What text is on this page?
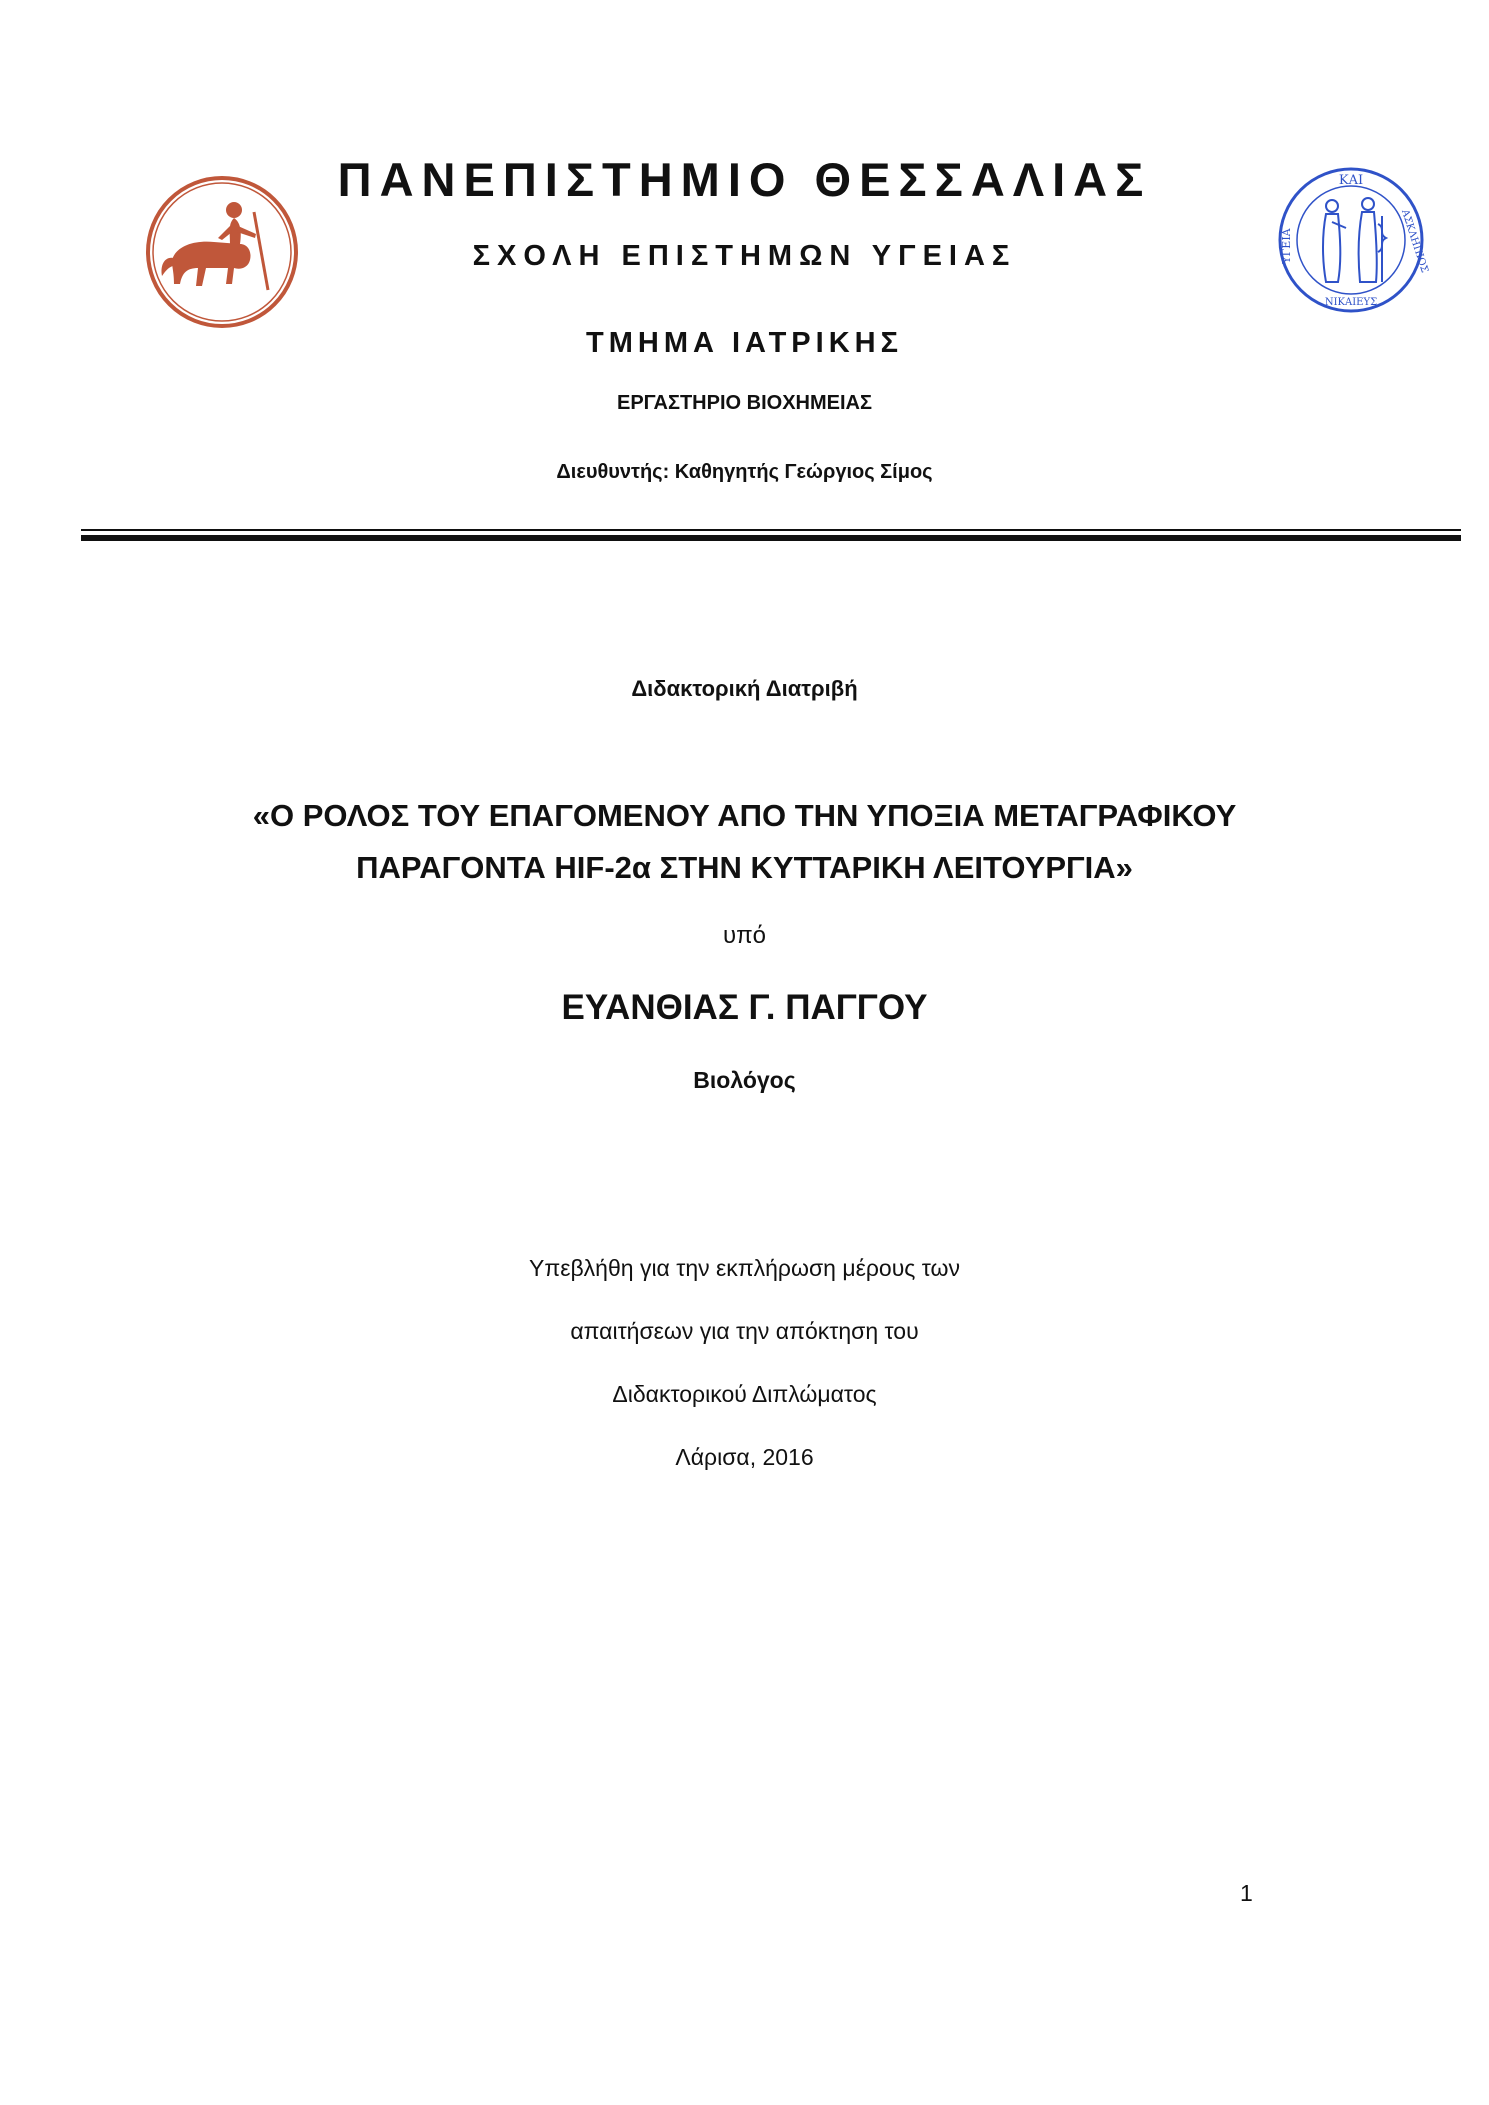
ΚΑΙ
ΥΓΕΙΑ	ΑΣΚΛΗΠΙΟΣ
ΝΙΚΑΙΕΥΣ
ΠΑΝΕΠΙΣΤΗΜΙΟ ΘΕΣΣΑΛΙΑΣ
ΣΧΟΛΗ ΕΠΙΣΤΗΜΩΝ ΥΓΕΙΑΣ
ΤΜΗΜΑ ΙΑΤΡΙΚΗΣ
ΕΡΓΑΣΤΗΡΙΟ ΒΙΟΧΗΜΕΙΑΣ
Διευθυντής: Καθηγητής Γεώργιος Σίμος
Διδακτορική Διατριβή
«Ο ΡΟΛΟΣ ΤΟΥ ΕΠΑΓΟΜΕΝΟΥ ΑΠΟ ΤΗΝ ΥΠΟΞΙΑ ΜΕΤΑΓΡΑΦΙΚΟΥ
ΠΑΡΑΓΟΝΤΑ HIF-2α ΣΤΗΝ ΚΥΤΤΑΡΙΚΗ ΛΕΙΤΟΥΡΓΙΑ»
υπό
ΕΥΑΝΘΙΑΣ Γ. ΠΑΓΓΟΥ
Βιολόγος
Υπεβλήθη για την εκπλήρωση μέρους των
απαιτήσεων για την απόκτηση του
Διδακτορικού Διπλώματος
Λάρισα, 2016
1
